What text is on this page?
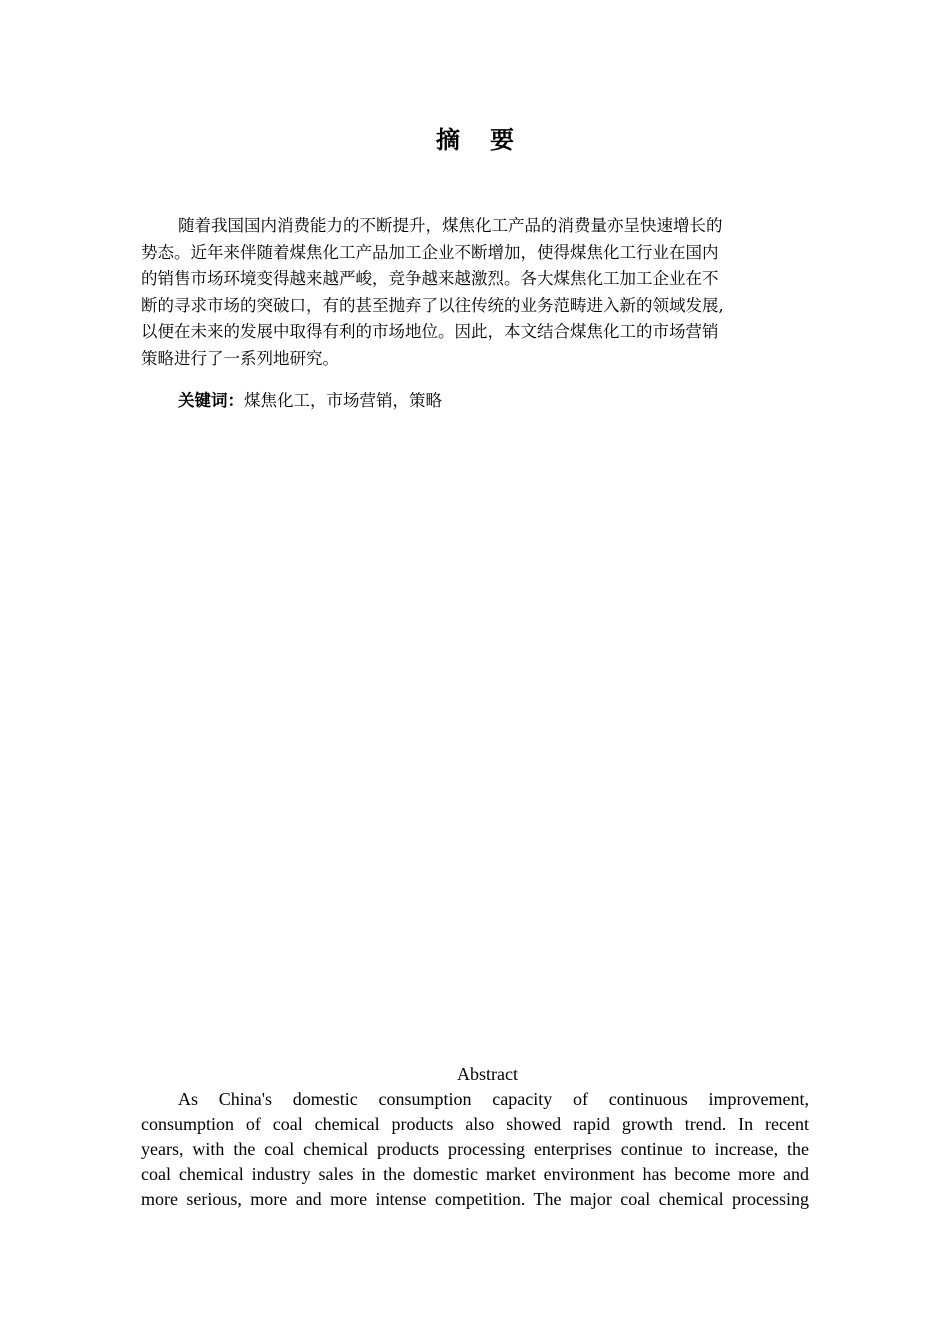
摘 要
随着我国国内消费能力的不断提升，煤焦化工产品的消费量亦呈快速增长的
势态。近年来伴随着煤焦化工产品加工企业不断增加，使得煤焦化工行业在国内
的销售市场环境变得越来越严峻，竞争越来越激烈。各大煤焦化工加工企业在不
断的寻求市场的突破口，有的甚至抛弃了以往传统的业务范畴进入新的领域发展,
以便在未来的发展中取得有利的市场地位。因此，本文结合煤焦化工的市场营销
策略进行了一系列地研究。
关键词：煤焦化工，市场营销，策略
Abstract
As China's domestic consumption capacity of continuous improvement,
consumption of coal chemical products also showed rapid growth trend. In recent
years, with the coal chemical products processing enterprises continue to increase, the
coal chemical industry sales in the domestic market environment has become more and
more serious, more and more intense competition. The major coal chemical processing
